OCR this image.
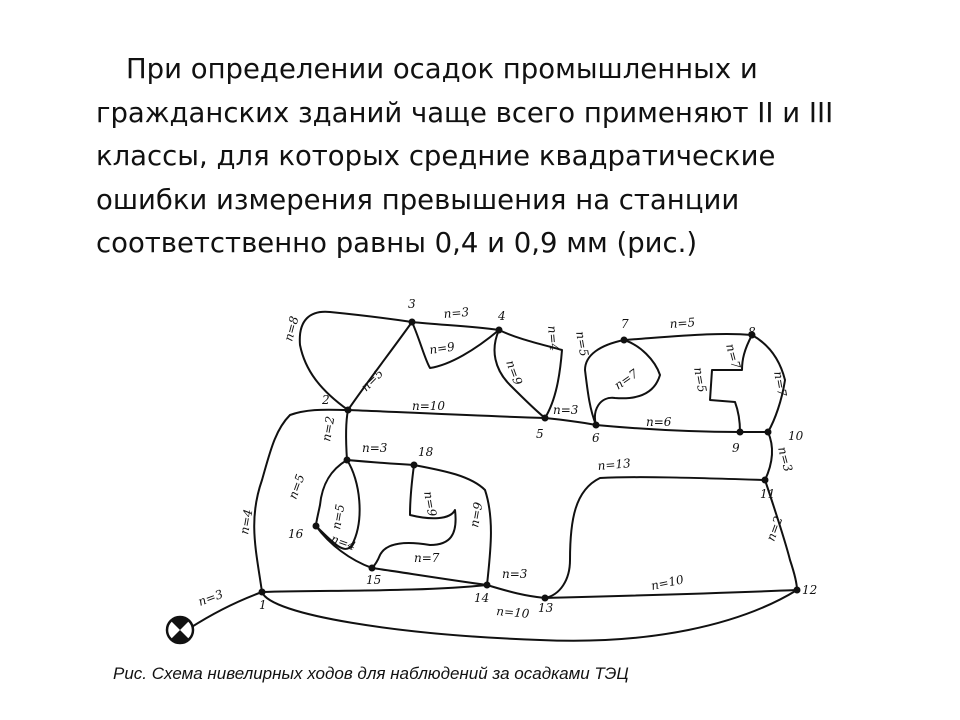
При определении осадок промышленных и
гражданских зданий чаще всего применяют II и III
классы, для которых средние квадратические
ошибки измерения превышения на станции
соответственно равны 0,4 и 0,9 мм (рис.)
1
2
3
4
5	6
7
8
9
10
11
12
13
14
15
16
18
n=3
n=4
n=5
n=8
n=5
n=9
n=3
n=9
n=4
n=10	n=3
n=5
n=7
n=5
n=6
n=7
n=5	n=7
n=3
n=2
n=3
n=5
n=4
n=9
n=7
n=9
n=3
n=10
n=10
n=2
n=13
Рис. Схема нивелирных ходов для наблюдений за осадками ТЭЦ
